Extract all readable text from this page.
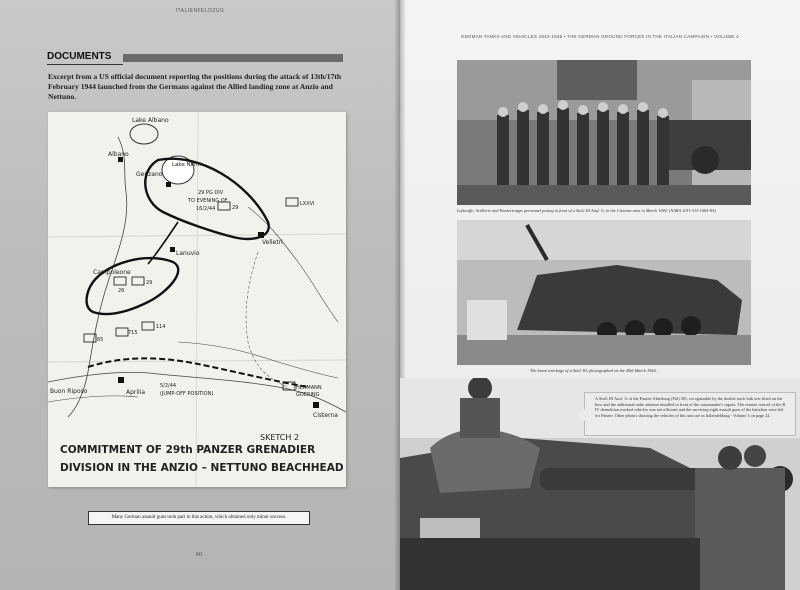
ITALIENFELDZUG
DOCUMENTS
Excerpt from a US official document reporting the positions during the attack of 13th/17th February 1944 launched from the Germans against the Allied landing zone at Anzio and Nettuno.
Lake Albano
Albano
Lake Nemi
Genzano
Velletri
Lanuvio
Campoleone
Aprilia
Buon Riposo
Cisterna
29 PG DIV
TO EVENING OF
16/2/44	29
29
26
715
114
65
LXXVI
HERMANN
GOERING
5/2/44
(JUMP-OFF POSITION)
SKETCH 2
COMMITMENT OF 29th PANZER GRENADIER
DIVISION IN THE ANZIO – NETTUNO BEACHHEAD
Many German assault guns took part in this action, which obtained only minor success.
80
GERMAN TANKS AND VEHICLES 1943-1945 • THE GERMAN GROUND FORCES IN THE ITALIAN CAMPAIGN • VOLUME 4
Luftwaffe, Artillerie and Panzertruppe personnel posing in front of a StuG III Ausf. G, in the Cisterna area in March 1944. (NARA 1011-313-1065-8A)
The burnt wreckage of a StuG III, photographed on the 28th March 1944.
A StuG III Ausf. G of the Panzer-Abteilung (Fkl) 301, recognizable by the double track link sets fitted on the bow and the additional radio antenna installed in front of the commander's cupola. The remote control of the B IV demolition tracked vehicles was not efficient and the surviving eight assault guns of the battalion were left for Panzer. Other photos showing the vehicles of this unit are in Italienfeldzug - Volume 3 on page 22.
